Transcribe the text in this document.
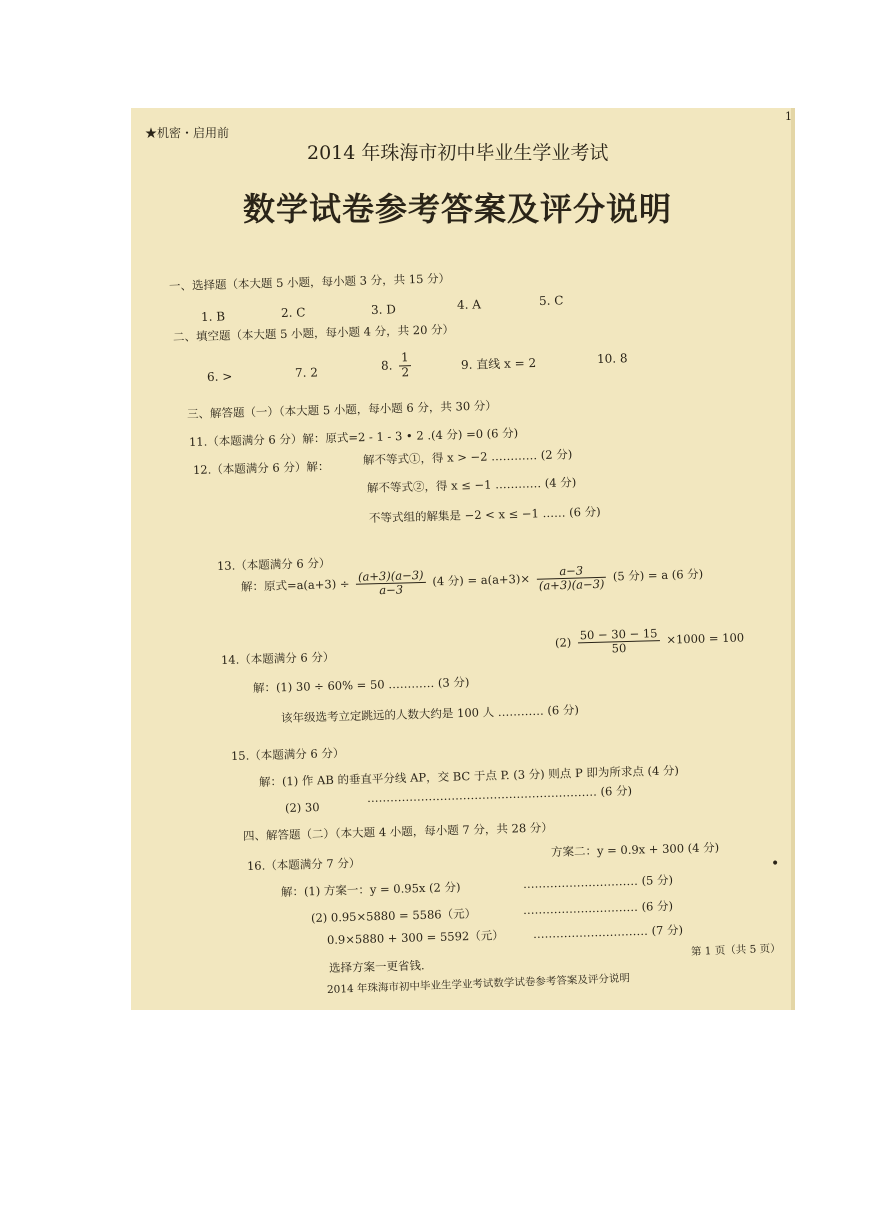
★机密・启用前
1
2014 年珠海市初中毕业生学业考试
数学试卷参考答案及评分说明
一、选择题（本大题 5 小题，每小题 3 分，共 15 分）
1. B	2. C	3. D	4. A	5. C
二、填空题（本大题 5 小题，每小题 4 分，共 20 分）
6. >	7. 2	8. $\frac{1}{2}$	9. 直线 x = 2	10. 8
三、解答题（一）（本大题 5 小题，每小题 6 分，共 30 分）
11.（本题满分 6 分）解：原式=2 - 1 - 3 • 2 .(4 分) =0 (6 分)
12.（本题满分 6 分）解：
解不等式①，得 x > −2 ………… (2 分)
解不等式②，得 x ≤ −1 ………… (4 分)
不等式组的解集是 −2 < x ≤ −1 …… (6 分)
13.（本题满分 6 分）
解：原式$=a(a+3) \div \frac{(a+3)(a-3)}{a-3} (4$ 分) = $a(a+3)\times \frac{a-3}{(a+3)(a-3)} (5$ 分) = a (6 分)
14.（本题满分 6 分）
解：(1) 30 ÷ 60% = 50 ………… (3 分)
$(2) \frac{50 - 30 - 15}{50} \times 1000 = 100$
该年级选考立定跳远的人数大约是 100 人 ………… (6 分)
15.（本题满分 6 分）
解：(1) 作 AB 的垂直平分线 AP，交 BC 于点 P. (3 分) 则点 P 即为所求点 (4 分)
…………………………………………………… (6 分)
(2) 30
四、解答题（二）（本大题 4 小题，每小题 7 分，共 28 分）
16.（本题满分 7 分）
方案二：y = 0.9x + 300 (4 分)
解：(1) 方案一：y = 0.95x (2 分)	………………………… (5 分)
(2) 0.95×5880 = 5586（元）	………………………… (6 分)
0.9×5880 + 300 = 5592（元）	………………………… (7 分)
选择方案一更省钱.
2014 年珠海市初中毕业生学业考试数学试卷参考答案及评分说明
第 1 页（共 5 页）
•
